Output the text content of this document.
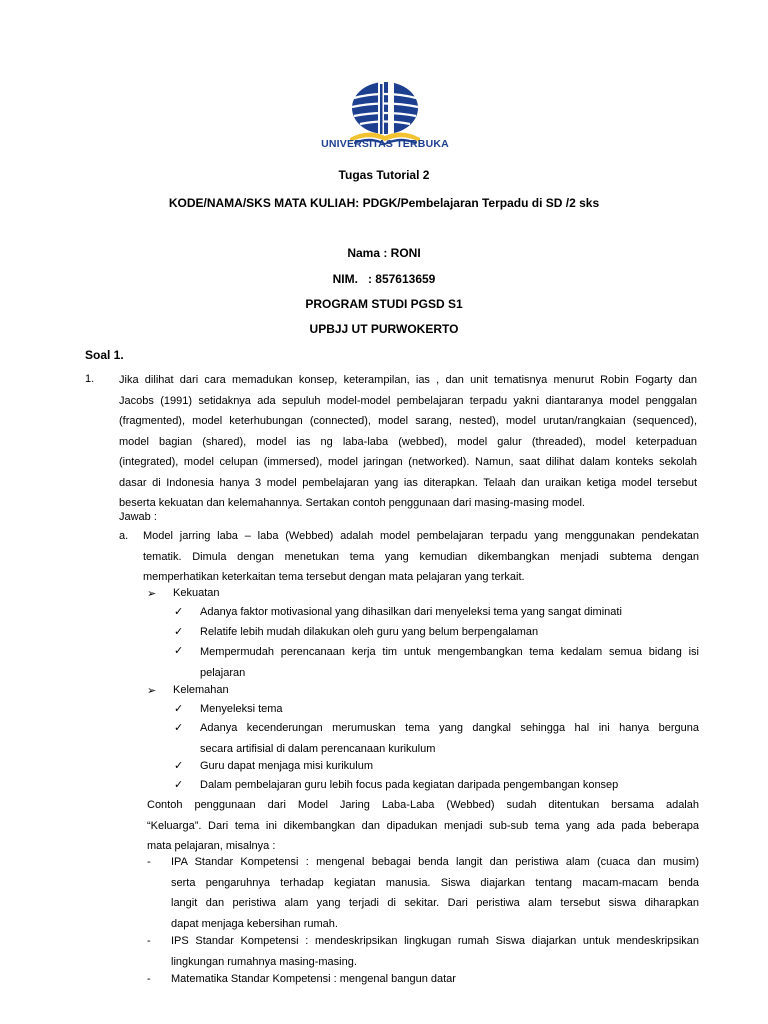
UNIVERSITAS TERBUKA
Tugas Tutorial 2
KODE/NAMA/SKS MATA KULIAH: PDGK/Pembelajaran Terpadu di SD /2 sks
Nama : RONI
NIM.   : 857613659
PROGRAM STUDI PGSD S1
UPBJJ UT PURWOKERTO
Soal 1.
1. Jika dilihat dari cara memadukan konsep, keterampilan, ias , dan unit tematisnya menurut Robin Fogarty dan
Jacobs (1991) setidaknya ada sepuluh model-model pembelajaran terpadu yakni diantaranya model penggalan
(fragmented), model keterhubungan (connected), model sarang, nested), model urutan/rangkaian (sequenced),
model bagian (shared), model ias ng laba-laba (webbed), model galur (threaded), model keterpaduan
(integrated), model celupan (immersed), model jaringan (networked). Namun, saat dilihat dalam konteks sekolah
dasar di Indonesia hanya 3 model pembelajaran yang ias diterapkan. Telaah dan uraikan ketiga model tersebut
beserta kekuatan dan kelemahannya. Sertakan contoh penggunaan dari masing-masing model.
Jawab :
a. Model jarring laba – laba (Webbed) adalah model pembelajaran terpadu yang menggunakan pendekatan
tematik. Dimula dengan menetukan tema yang kemudian dikembangkan menjadi subtema dengan
memperhatikan keterkaitan tema tersebut dengan mata pelajaran yang terkait.
➢ Kekuatan
✓ Adanya faktor motivasional yang dihasilkan dari menyeleksi tema yang sangat diminati
✓ Relatife lebih mudah dilakukan oleh guru yang belum berpengalaman
✓ Mempermudah perencanaan kerja tim untuk mengembangkan tema kedalam semua bidang isi
pelajaran
➢ Kelemahan
✓ Menyeleksi tema
✓ Adanya kecenderungan merumuskan tema yang dangkal sehingga hal ini hanya berguna
secara artifisial di dalam perencanaan kurikulum
✓ Guru dapat menjaga misi kurikulum
✓ Dalam pembelajaran guru lebih focus pada kegiatan daripada pengembangan konsep
Contoh penggunaan dari Model Jaring Laba-Laba (Webbed) sudah ditentukan bersama adalah
“Keluarga”. Dari tema ini dikembangkan dan dipadukan menjadi sub-sub tema yang ada pada beberapa
mata pelajaran, misalnya :
- IPA Standar Kompetensi : mengenal bebagai benda langit dan peristiwa alam (cuaca dan musim)
serta pengaruhnya terhadap kegiatan manusia. Siswa diajarkan tentang macam-macam benda
langit dan peristiwa alam yang terjadi di sekitar. Dari peristiwa alam tersebut siswa diharapkan
dapat menjaga kebersihan rumah.
- IPS Standar Kompetensi : mendeskripsikan lingkugan rumah Siswa diajarkan untuk mendeskripsikan
lingkungan rumahnya masing-masing.
- Matematika Standar Kompetensi : mengenal bangun datar
